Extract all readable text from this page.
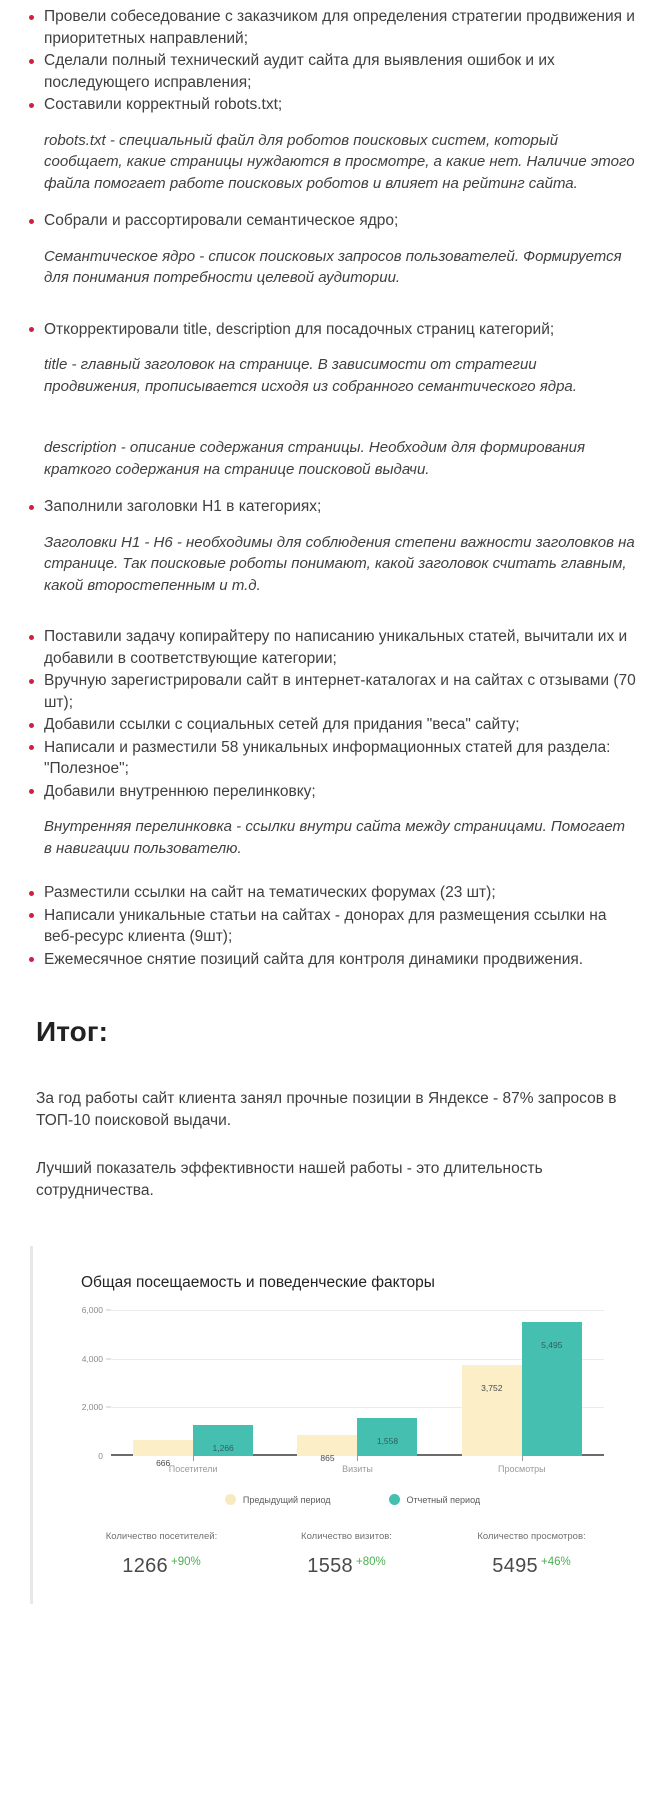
Провели собеседование с заказчиком для определения стратегии продвижения и приоритетных направлений;
Сделали полный технический аудит сайта для выявления ошибок и их последующего исправления;
Составили корректный robots.txt;

robots.txt - специальный файл для роботов поисковых систем, который сообщает, какие страницы нуждаются в просмотре, а какие нет. Наличие этого файла помогает работе поисковых роботов и влияет на рейтинг сайта.

Собрали и рассортировали семантическое ядро;

Семантическое ядро - список поисковых запросов пользователей. Формируется для понимания потребности целевой аудитории.

Откорректировали title, description для посадочных страниц категорий;

title - главный заголовок на странице. В зависимости от стратегии продвижения, прописывается исходя из собранного семантического ядра.

description - описание содержания страницы. Необходим для формирования краткого содержания на странице поисковой выдачи.

Заполнили заголовки H1 в категориях;

Заголовки H1 - H6 - необходимы для соблюдения степени важности заголовков на странице. Так поисковые роботы понимают, какой заголовок считать главным, какой второстепенным и т.д.

Поставили задачу копирайтеру по написанию уникальных статей, вычитали их и добавили в соответствующие категории;
Вручную зарегистрировали сайт в интернет-каталогах и на сайтах с отзывами (70 шт);
Добавили ссылки с социальных сетей для придания "веса" сайту;
Написали и разместили 58 уникальных информационных статей для раздела: "Полезное";
Добавили внутреннюю перелинковку;

Внутренняя перелинковка - ссылки внутри сайта между страницами. Помогает в навигации пользователю.

Разместили ссылки на сайт на тематических форумах (23 шт);
Написали уникальные статьи на сайтах - донорах для размещения ссылки на веб-ресурс клиента (9шт);
Ежемесячное снятие позиций сайта для контроля динамики продвижения.
Итог:

За год работы сайт клиента занял прочные позиции в Яндексе - 87% запросов в ТОП-10 поисковой выдачи.

Лучший показатель эффективности нашей работы - это длительность сотрудничества.

Общая посещаемость и поведенческие факторы
6,000
4,000
2,000
0
666
1,266
Посетители
865
1,558
Визиты
3,752
5,495
Просмотры
Предыдущий период	Отчетный период
Количество посетителей:
1266 +90%
Количество визитов:
1558 +80%
Количество просмотров:
5495 +46%
